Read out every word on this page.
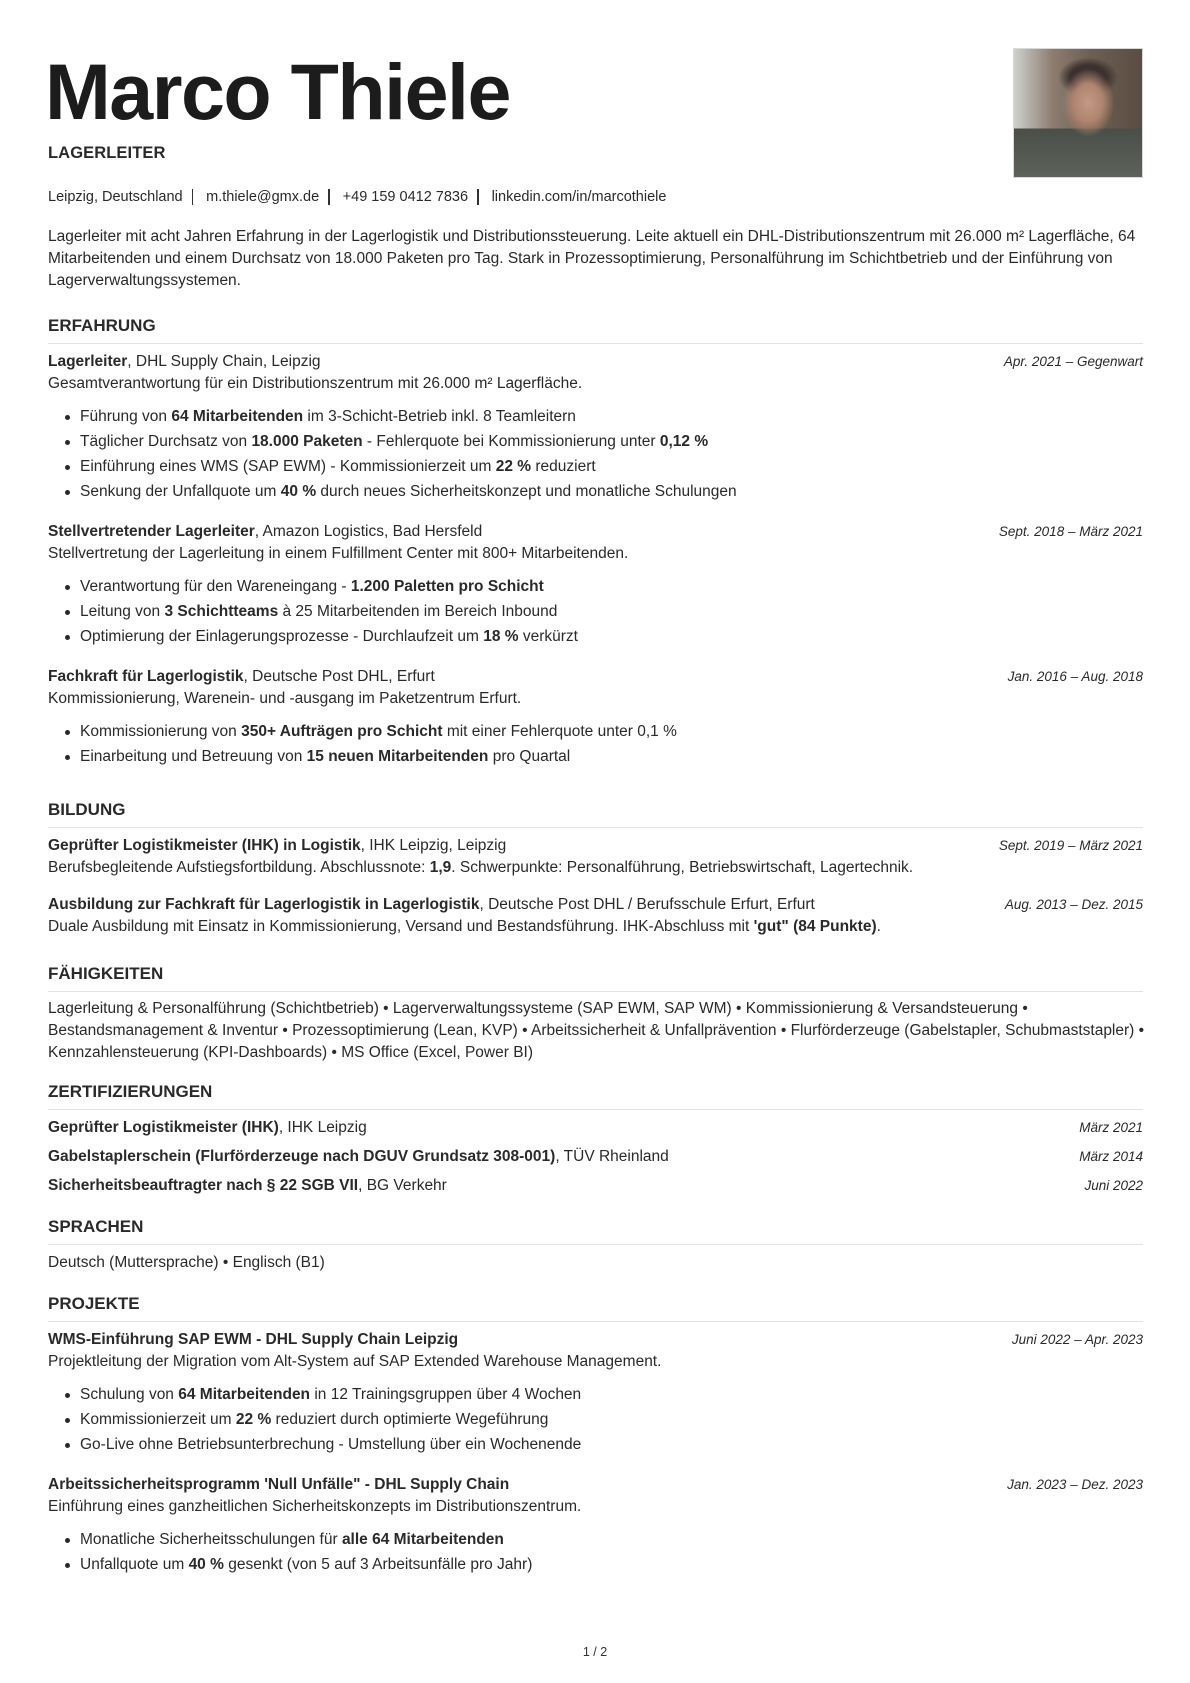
Marco Thiele
LAGERLEITER
Leipzig, Deutschland m.thiele@gmx.de +49 159 0412 7836 linkedin.com/in/marcothiele
Lagerleiter mit acht Jahren Erfahrung in der Lagerlogistik und Distributionssteuerung. Leite aktuell ein DHL-Distributionszentrum mit 26.000 m² Lagerfläche, 64 Mitarbeitenden und einem Durchsatz von 18.000 Paketen pro Tag. Stark in Prozessoptimierung, Personalführung im Schichtbetrieb und der Einführung von Lagerverwaltungssystemen.
ERFAHRUNG
Lagerleiter, DHL Supply Chain, Leipzig	Apr. 2021 – Gegenwart
Gesamtverantwortung für ein Distributionszentrum mit 26.000 m² Lagerfläche.
Führung von 64 Mitarbeitenden im 3-Schicht-Betrieb inkl. 8 Teamleitern
Täglicher Durchsatz von 18.000 Paketen - Fehlerquote bei Kommissionierung unter 0,12 %
Einführung eines WMS (SAP EWM) - Kommissionierzeit um 22 % reduziert
Senkung der Unfallquote um 40 % durch neues Sicherheitskonzept und monatliche Schulungen
Stellvertretender Lagerleiter, Amazon Logistics, Bad Hersfeld	Sept. 2018 – März 2021
Stellvertretung der Lagerleitung in einem Fulfillment Center mit 800+ Mitarbeitenden.
Verantwortung für den Wareneingang - 1.200 Paletten pro Schicht
Leitung von 3 Schichtteams à 25 Mitarbeitenden im Bereich Inbound
Optimierung der Einlagerungsprozesse - Durchlaufzeit um 18 % verkürzt
Fachkraft für Lagerlogistik, Deutsche Post DHL, Erfurt	Jan. 2016 – Aug. 2018
Kommissionierung, Warenein- und -ausgang im Paketzentrum Erfurt.
Kommissionierung von 350+ Aufträgen pro Schicht mit einer Fehlerquote unter 0,1 %
Einarbeitung und Betreuung von 15 neuen Mitarbeitenden pro Quartal
BILDUNG
Geprüfter Logistikmeister (IHK) in Logistik, IHK Leipzig, Leipzig	Sept. 2019 – März 2021
Berufsbegleitende Aufstiegsfortbildung. Abschlussnote: 1,9. Schwerpunkte: Personalführung, Betriebswirtschaft, Lagertechnik.
Ausbildung zur Fachkraft für Lagerlogistik in Lagerlogistik, Deutsche Post DHL / Berufsschule Erfurt, Erfurt	Aug. 2013 – Dez. 2015
Duale Ausbildung mit Einsatz in Kommissionierung, Versand und Bestandsführung. IHK-Abschluss mit 'gut" (84 Punkte).
FÄHIGKEITEN
Lagerleitung & Personalführung (Schichtbetrieb) • Lagerverwaltungssysteme (SAP EWM, SAP WM) • Kommissionierung & Versandsteuerung • Bestandsmanagement & Inventur • Prozessoptimierung (Lean, KVP) • Arbeitssicherheit & Unfallprävention • Flurförderzeuge (Gabelstapler, Schubmaststapler) • Kennzahlensteuerung (KPI-Dashboards) • MS Office (Excel, Power BI)
ZERTIFIZIERUNGEN
Geprüfter Logistikmeister (IHK), IHK Leipzig	März 2021
Gabelstaplerschein (Flurförderzeuge nach DGUV Grundsatz 308-001), TÜV Rheinland	März 2014
Sicherheitsbeauftragter nach § 22 SGB VII, BG Verkehr	Juni 2022
SPRACHEN
Deutsch (Muttersprache) • Englisch (B1)
PROJEKTE
WMS-Einführung SAP EWM - DHL Supply Chain Leipzig	Juni 2022 – Apr. 2023
Projektleitung der Migration vom Alt-System auf SAP Extended Warehouse Management.
Schulung von 64 Mitarbeitenden in 12 Trainingsgruppen über 4 Wochen
Kommissionierzeit um 22 % reduziert durch optimierte Wegeführung
Go-Live ohne Betriebsunterbrechung - Umstellung über ein Wochenende
Arbeitssicherheitsprogramm 'Null Unfälle" - DHL Supply Chain	Jan. 2023 – Dez. 2023
Einführung eines ganzheitlichen Sicherheitskonzepts im Distributionszentrum.
Monatliche Sicherheitsschulungen für alle 64 Mitarbeitenden
Unfallquote um 40 % gesenkt (von 5 auf 3 Arbeitsunfälle pro Jahr)
1 / 2
